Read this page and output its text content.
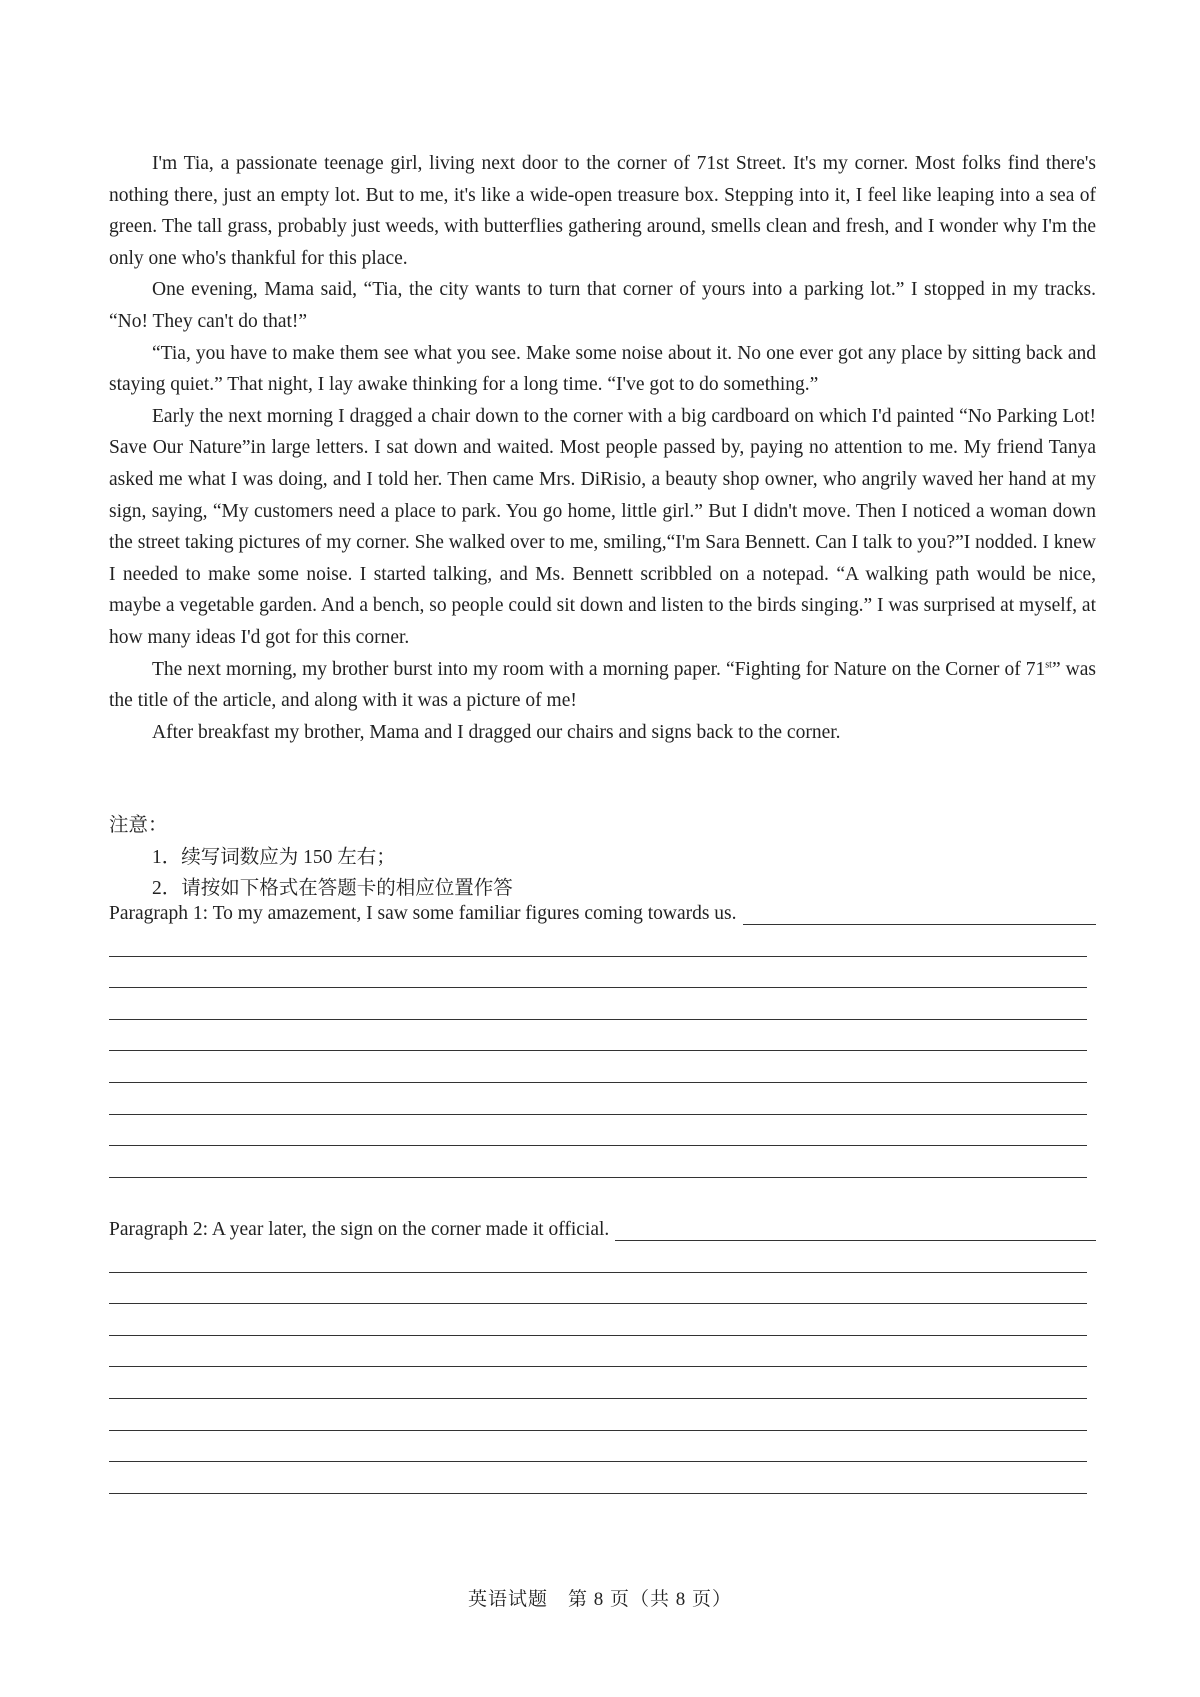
I'm Tia, a passionate teenage girl, living next door to the corner of 71st Street. It's my corner. Most folks find there's nothing there, just an empty lot. But to me, it's like a wide-open treasure box. Stepping into it, I feel like leaping into a sea of green. The tall grass, probably just weeds, with butterflies gathering around, smells clean and fresh, and I wonder why I'm the only one who's thankful for this place.

One evening, Mama said, “Tia, the city wants to turn that corner of yours into a parking lot.” I stopped in my tracks. “No! They can't do that!”

“Tia, you have to make them see what you see. Make some noise about it. No one ever got any place by sitting back and staying quiet.” That night, I lay awake thinking for a long time. “I've got to do something.”

Early the next morning I dragged a chair down to the corner with a big cardboard on which I'd painted “No Parking Lot! Save Our Nature”in large letters. I sat down and waited. Most people passed by, paying no attention to me. My friend Tanya asked me what I was doing, and I told her. Then came Mrs. DiRisio, a beauty shop owner, who angrily waved her hand at my sign, saying, “My customers need a place to park. You go home, little girl.” But I didn't move. Then I noticed a woman down the street taking pictures of my corner. She walked over to me, smiling,“I'm Sara Bennett. Can I talk to you?”I nodded. I knew I needed to make some noise. I started talking, and Ms. Bennett scribbled on a notepad. “A walking path would be nice, maybe a vegetable garden. And a bench, so people could sit down and listen to the birds singing.” I was surprised at myself, at how many ideas I'd got for this corner.

The next morning, my brother burst into my room with a morning paper. “Fighting for Nature on the Corner of 71st” was the title of the article, and along with it was a picture of me!

After breakfast my brother, Mama and I dragged our chairs and signs back to the corner.

注意：
1．续写词数应为 150 左右；
2．请按如下格式在答题卡的相应位置作答
Paragraph 1: To my amazement, I saw some familiar figures coming towards us.
Paragraph 2: A year later, the sign on the corner made it official.
英语试题　第 8 页（共 8 页）
